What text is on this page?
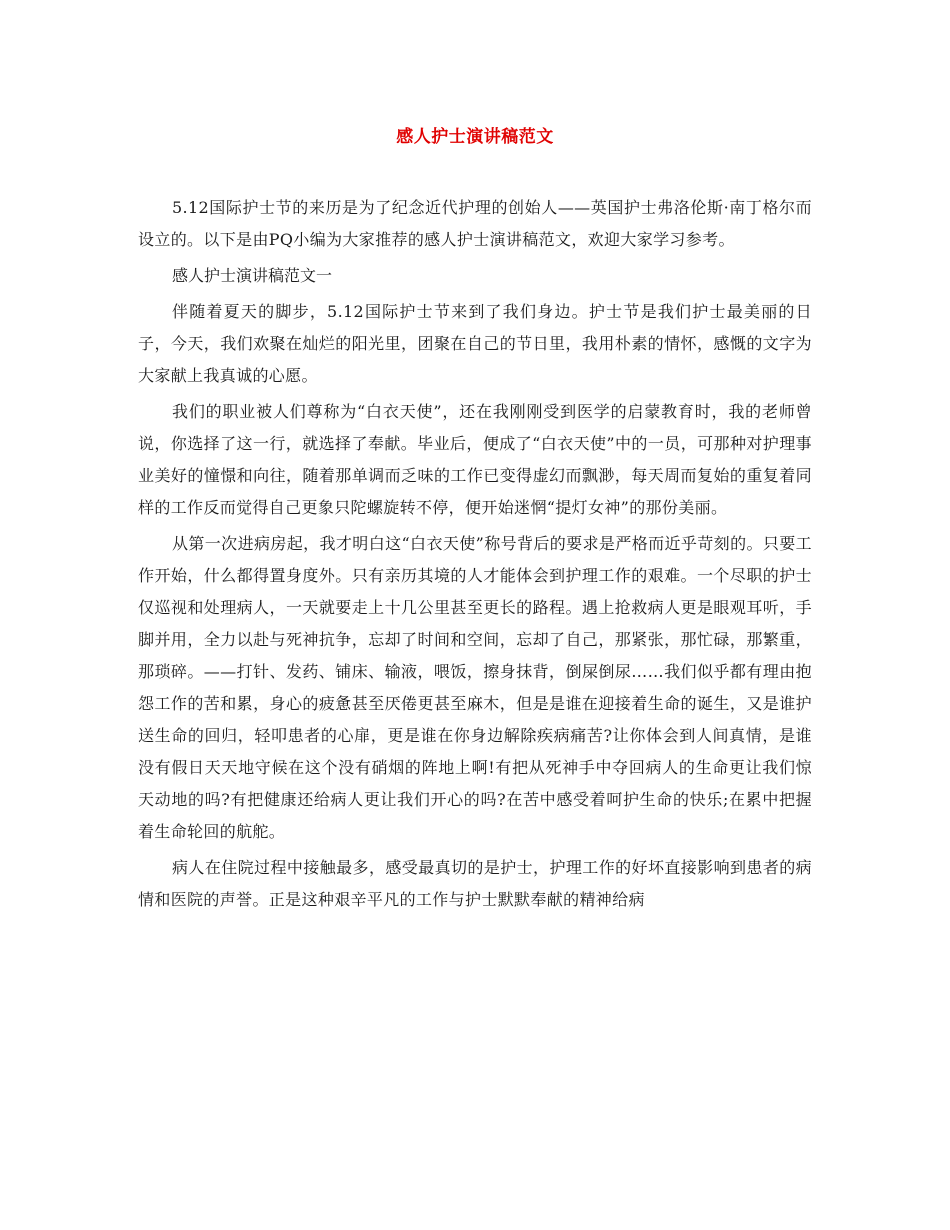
感人护士演讲稿范文

5.12国际护士节的来历是为了纪念近代护理的创始人——英国护士弗洛伦斯·南丁格尔而设立的。以下是由PQ小编为大家推荐的感人护士演讲稿范文，欢迎大家学习参考。

感人护士演讲稿范文一

伴随着夏天的脚步，5.12国际护士节来到了我们身边。护士节是我们护士最美丽的日子，今天，我们欢聚在灿烂的阳光里，团聚在自己的节日里，我用朴素的情怀，感慨的文字为大家献上我真诚的心愿。

我们的职业被人们尊称为“白衣天使”，还在我刚刚受到医学的启蒙教育时，我的老师曾说，你选择了这一行，就选择了奉献。毕业后，便成了“白衣天使”中的一员，可那种对护理事业美好的憧憬和向往，随着那单调而乏味的工作已变得虚幻而飘渺，每天周而复始的重复着同样的工作反而觉得自己更象只陀螺旋转不停，便开始迷惘“提灯女神”的那份美丽。

从第一次进病房起，我才明白这“白衣天使”称号背后的要求是严格而近乎苛刻的。只要工作开始，什么都得置身度外。只有亲历其境的人才能体会到护理工作的艰难。一个尽职的护士仅巡视和处理病人，一天就要走上十几公里甚至更长的路程。遇上抢救病人更是眼观耳听，手脚并用，全力以赴与死神抗争，忘却了时间和空间，忘却了自己，那紧张，那忙碌，那繁重，那琐碎。——打针、发药、铺床、输液，喂饭，擦身抹背，倒屎倒尿……我们似乎都有理由抱怨工作的苦和累，身心的疲惫甚至厌倦更甚至麻木，但是是谁在迎接着生命的诞生，又是谁护送生命的回归，轻叩患者的心扉，更是谁在你身边解除疾病痛苦?让你体会到人间真情，是谁没有假日天天地守候在这个没有硝烟的阵地上啊!有把从死神手中夺回病人的生命更让我们惊天动地的吗?有把健康还给病人更让我们开心的吗?在苦中感受着呵护生命的快乐;在累中把握着生命轮回的航舵。

病人在住院过程中接触最多，感受最真切的是护士，护理工作的好坏直接影响到患者的病情和医院的声誉。正是这种艰辛平凡的工作与护士默默奉献的精神给病
